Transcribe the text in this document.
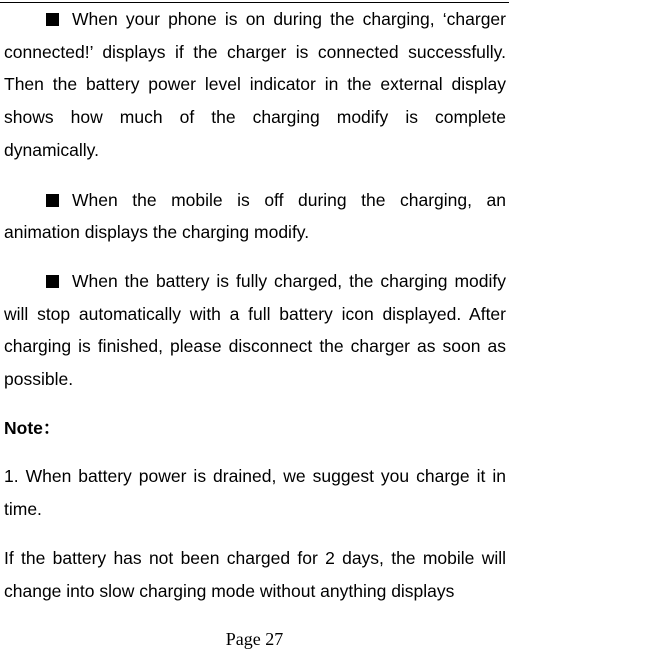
When your phone is on during the charging, ‘charger connected!’ displays if the charger is connected successfully. Then the battery power level indicator in the external display shows how much of the charging modify is complete dynamically.

When the mobile is off during the charging, an animation displays the charging modify.

When the battery is fully charged, the charging modify will stop automatically with a full battery icon displayed. After charging is finished, please disconnect the charger as soon as possible.

Note：

1. When battery power is drained, we suggest you charge it in time.

If the battery has not been charged for 2 days, the mobile will change into slow charging mode without anything displays

Page 27
